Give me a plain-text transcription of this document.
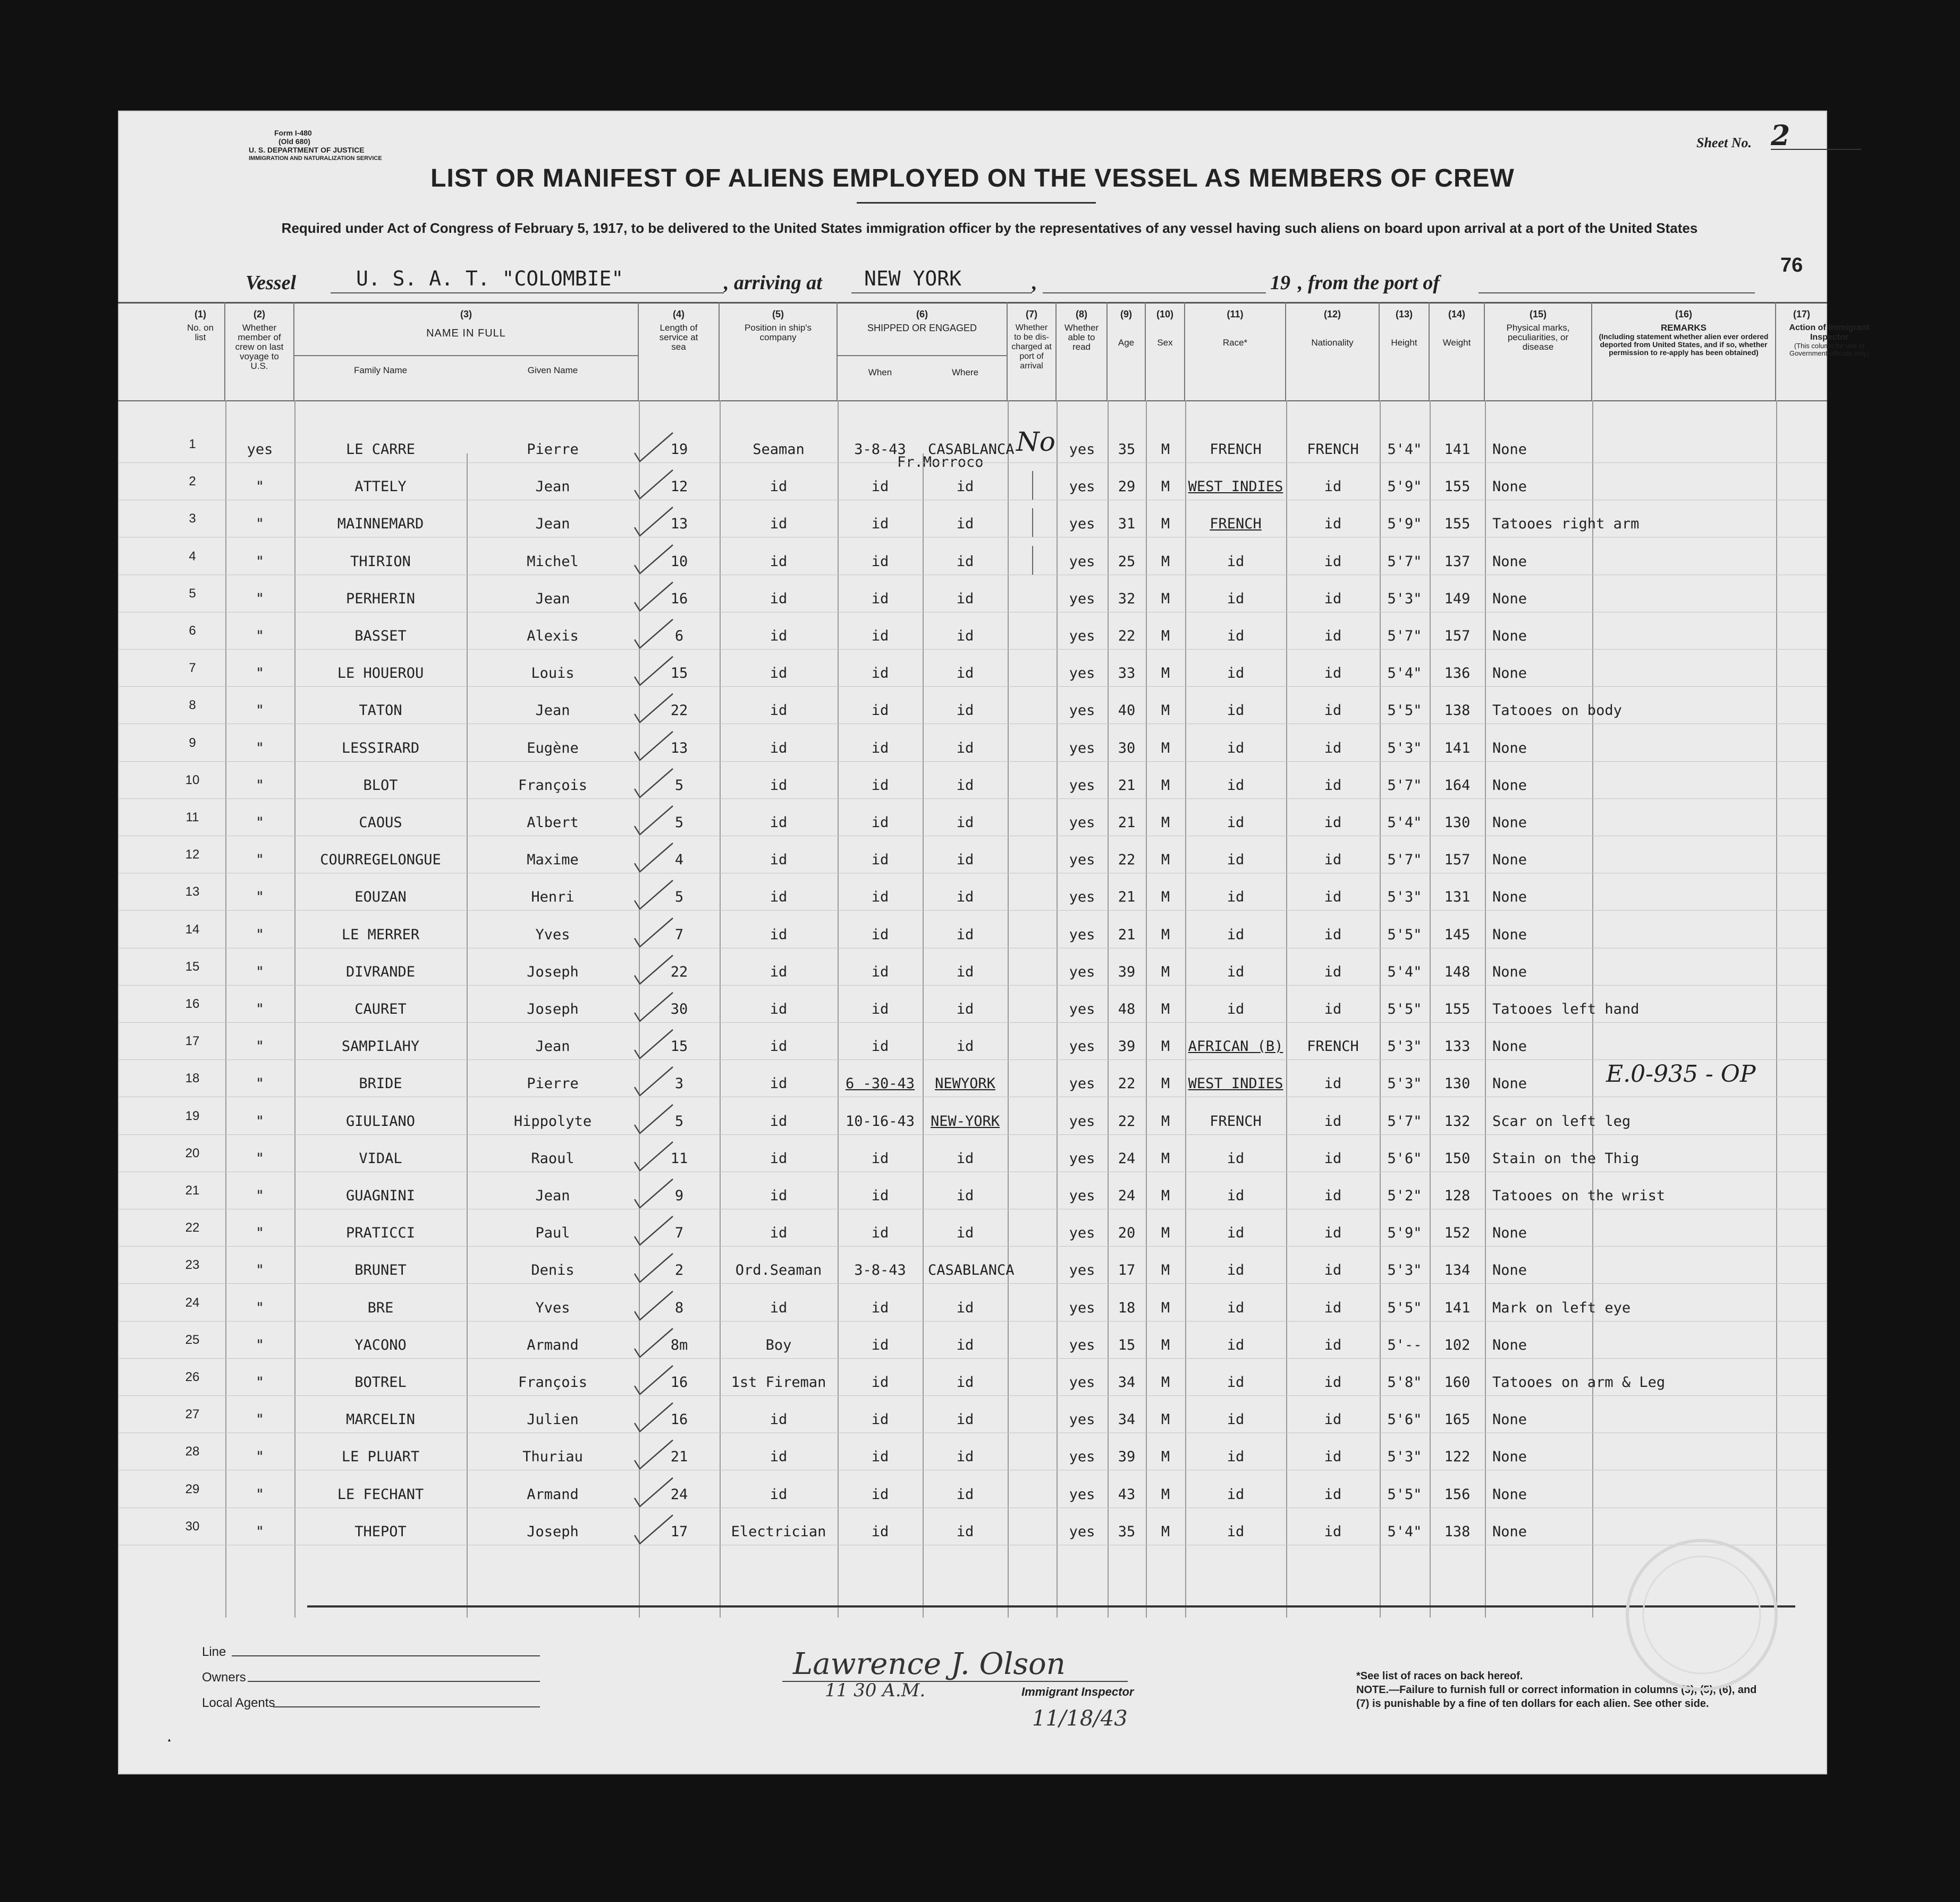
Form I-480
(Old 680)
U. S. DEPARTMENT OF JUSTICE
IMMIGRATION AND NATURALIZATION SERVICE
Sheet No. 2
LIST OR MANIFEST OF ALIENS EMPLOYED ON THE VESSEL AS MEMBERS OF CREW
Required under Act of Congress of February 5, 1917, to be delivered to the United States immigration officer by the representatives of any vessel having such aliens on board upon arrival at a port of the United States
Vessel	U. S. A. T. "COLOMBIE"	, arriving at NEW YORK	,	19 , from the port of
76
(1)
No. on list
(2)
Whether member of crew on last voyage to U.S.
(3)
NAME IN FULL
Family Name	Given Name
(4)
Length of service at sea
(5)
Position in ship's company
(6)
SHIPPED OR ENGAGED
When	Where
(7)
Whether to be dis-charged at port of arrival
(8)
Whether able to read
(9)
Age
(10)
Sex
(11)
Race*
(12)
Nationality
(13)
Height
(14)
Weight
(15)
Physical marks, peculiarities, or disease
(16)
REMARKS
(Including statement whether alien ever ordered deported from United States, and if so, whether permission to re-apply has been obtained)
(17)
Action of Immigrant Inspector
(This column for use of Government officials only)
1	yes	LE CARRE	Pierre	19	Seaman	3-8-43	CASABLANCA	yes	35	M	FRENCH	FRENCH	5'4"	141	None
Fr.Morroco
No
2	"	ATTELY	Jean	12	id	id	id	yes	29	M	WEST INDIES	id	5'9"	155	None
3	"	MAINNEMARD	Jean	13	id	id	id	yes	31	M	FRENCH	id	5'9"	155	Tatooes right arm
4	"	THIRION	Michel	10	id	id	id	yes	25	M	id	id	5'7"	137	None
5	"	PERHERIN	Jean	16	id	id	id	yes	32	M	id	id	5'3"	149	None
6	"	BASSET	Alexis	6	id	id	id	yes	22	M	id	id	5'7"	157	None
7	"	LE HOUEROU	Louis	15	id	id	id	yes	33	M	id	id	5'4"	136	None
8	"	TATON	Jean	22	id	id	id	yes	40	M	id	id	5'5"	138	Tatooes on body
9	"	LESSIRARD	Eugène	13	id	id	id	yes	30	M	id	id	5'3"	141	None
10	"	BLOT	François	5	id	id	id	yes	21	M	id	id	5'7"	164	None
11	"	CAOUS	Albert	5	id	id	id	yes	21	M	id	id	5'4"	130	None
12	"	COURREGELONGUE	Maxime	4	id	id	id	yes	22	M	id	id	5'7"	157	None
13	"	EOUZAN	Henri	5	id	id	id	yes	21	M	id	id	5'3"	131	None
14	"	LE MERRER	Yves	7	id	id	id	yes	21	M	id	id	5'5"	145	None
15	"	DIVRANDE	Joseph	22	id	id	id	yes	39	M	id	id	5'4"	148	None
16	"	CAURET	Joseph	30	id	id	id	yes	48	M	id	id	5'5"	155	Tatooes left hand
17	"	SAMPILAHY	Jean	15	id	id	id	yes	39	M	AFRICAN (B)	FRENCH	5'3"	133	None
18	"	BRIDE	Pierre	3	id	6 -30-43	NEWYORK	yes	22	M	WEST INDIES	id	5'3"	130	None	E.0-935 - OP
19	"	GIULIANO	Hippolyte	5	id	10-16-43	NEW-YORK	yes	22	M	FRENCH	id	5'7"	132	Scar on left leg
20	"	VIDAL	Raoul	11	id	id	id	yes	24	M	id	id	5'6"	150	Stain on the Thig
21	"	GUAGNINI	Jean	9	id	id	id	yes	24	M	id	id	5'2"	128	Tatooes on the wrist
22	"	PRATICCI	Paul	7	id	id	id	yes	20	M	id	id	5'9"	152	None
23	"	BRUNET	Denis	2	Ord.Seaman	3-8-43	CASABLANCA	yes	17	M	id	id	5'3"	134	None
24	"	BRE	Yves	8	id	id	id	yes	18	M	id	id	5'5"	141	Mark on left eye
25	"	YACONO	Armand	8m	Boy	id	id	yes	15	M	id	id	5'--	102	None
26	"	BOTREL	François	16	1st Fireman	id	id	yes	34	M	id	id	5'8"	160	Tatooes on arm & Leg
27	"	MARCELIN	Julien	16	id	id	id	yes	34	M	id	id	5'6"	165	None
28	"	LE PLUART	Thuriau	21	id	id	id	yes	39	M	id	id	5'3"	122	None
29	"	LE FECHANT	Armand	24	id	id	id	yes	43	M	id	id	5'5"	156	None
30	"	THEPOT	Joseph	17	Electrician	id	id	yes	35	M	id	id	5'4"	138	None
Line
Owners
Local Agents
Lawrence J. Olson
Immigrant Inspector
11 30 A.M.
11/18/43
*See list of races on back hereof.
NOTE.—Failure to furnish full or correct information in columns (3), (5), (6), and (7) is punishable by a fine of ten dollars for each alien. See other side.
▲
